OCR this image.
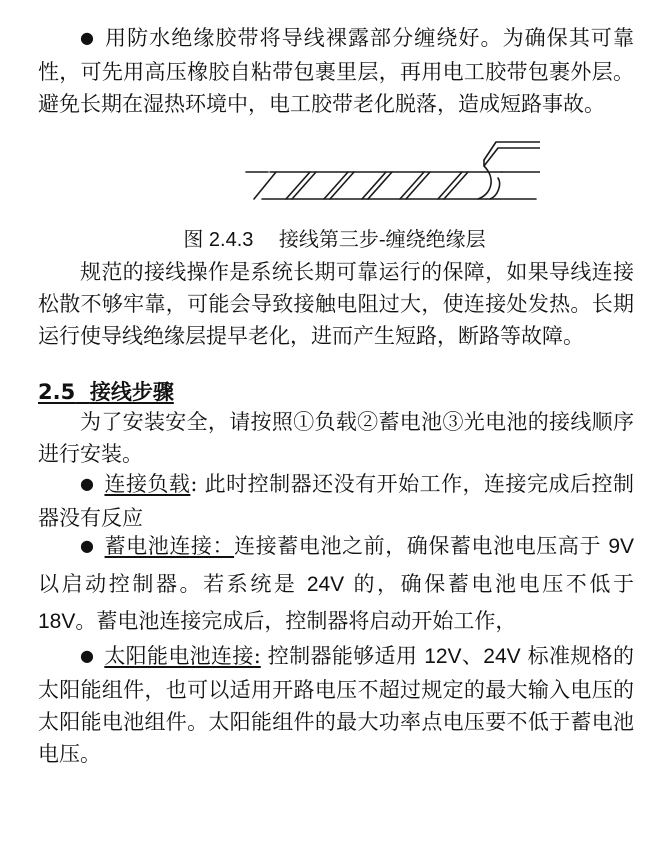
● 用防水绝缘胶带将导线裸露部分缠绕好。为确保其可靠性，可先用高压橡胶自粘带包裹里层，再用电工胶带包裹外层。避免长期在湿热环境中，电工胶带老化脱落，造成短路事故。

图 2.4.3 接线第三步-缠绕绝缘层

规范的接线操作是系统长期可靠运行的保障，如果导线连接松散不够牢靠，可能会导致接触电阻过大，使连接处发热。长期运行使导线绝缘层提早老化，进而产生短路，断路等故障。

2.5 接线步骤

为了安装安全，请按照①负载②蓄电池③光电池的接线顺序进行安装。

● 连接负载: 此时控制器还没有开始工作，连接完成后控制器没有反应

● 蓄电池连接：连接蓄电池之前，确保蓄电池电压高于 9V 以启动控制器。若系统是 24V 的，确保蓄电池电压不低于 18V。蓄电池连接完成后，控制器将启动开始工作，

● 太阳能电池连接: 控制器能够适用 12V、24V 标准规格的太阳能组件，也可以适用开路电压不超过规定的最大输入电压的太阳能电池组件。太阳能组件的最大功率点电压要不低于蓄电池电压。
